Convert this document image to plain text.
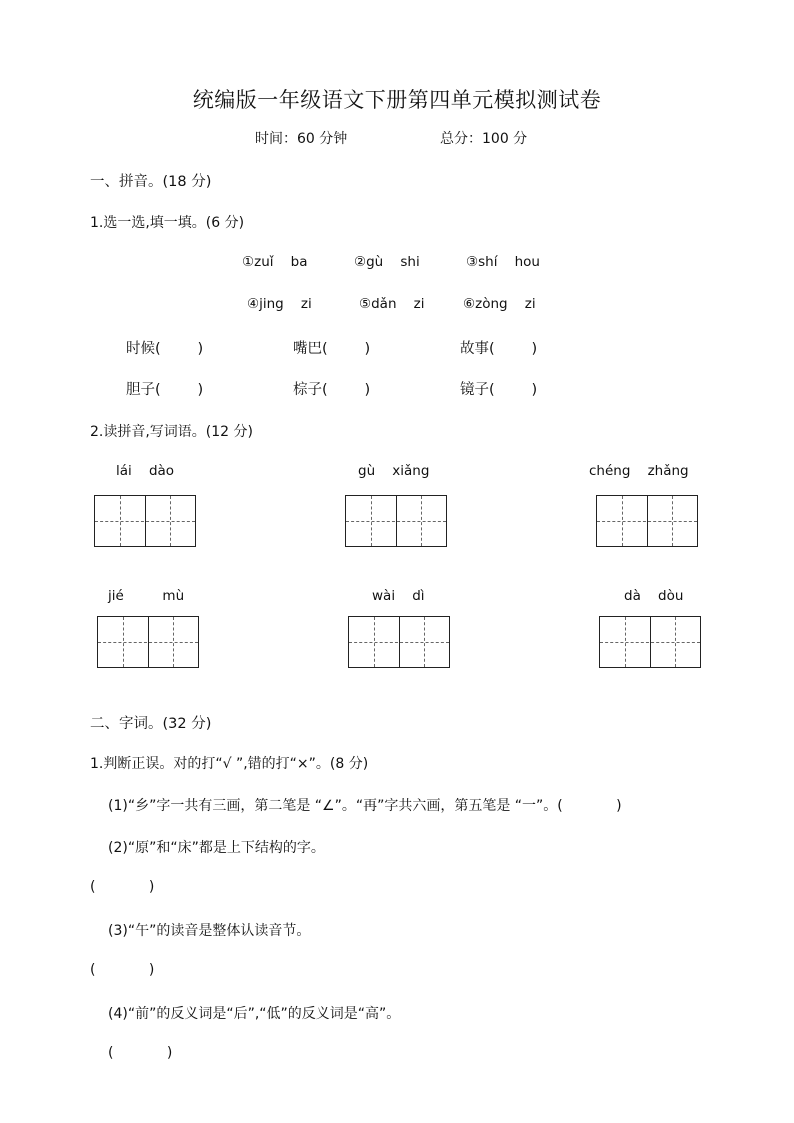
统编版一年级语文下册第四单元模拟测试卷
时间：60 分钟	总分：100 分
一、拼音。(18 分)
1.选一选,填一填。(6 分)
①zuǐ    ba	②gù    shi	③shí    hou
④jing    zi	⑤dǎn    zi	⑥zòng    zi
时候(        )	嘴巴(        )	故事(        )
胆子(        )	棕子(        )	镜子(        )
2.读拼音,写词语。(12 分)
lái    dào	gù    xiǎng	chéng    zhǎng
jié         mù	wài    dì	dà    dòu
二、字词。(32 分)
1.判断正误。对的打“√ ”,错的打“×”。(8 分)
(1)“乡”字一共有三画，第二笔是 “∠”。“再”字共六画，第五笔是 “一”。(            )
(2)“原”和“床”都是上下结构的字。
(            )
(3)“午”的读音是整体认读音节。
(            )
(4)“前”的反义词是“后”,“低”的反义词是“高”。
(            )
